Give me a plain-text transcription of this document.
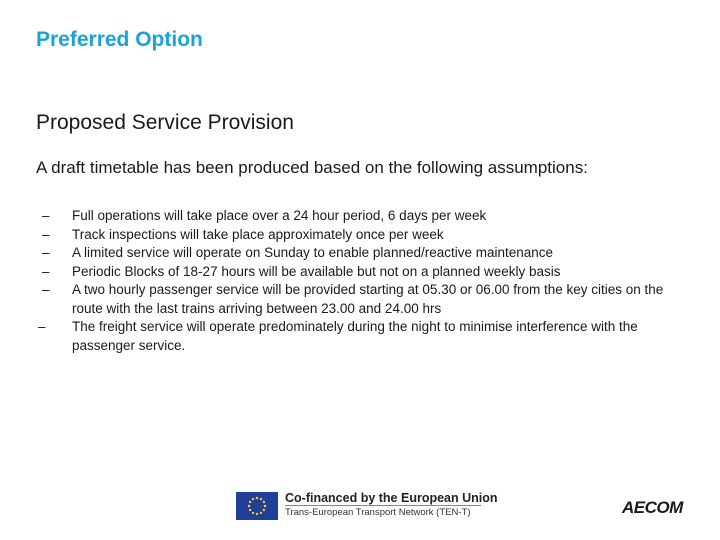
Preferred Option
Proposed Service Provision
A draft timetable has been produced based on the following assumptions:
–	Full operations will take place over a 24 hour period, 6 days per week
–	Track inspections will take place approximately once per week
–	A limited service will operate on Sunday to enable planned/reactive maintenance
–	Periodic Blocks of 18-27 hours will be available but not on a planned weekly basis
–	A two hourly passenger service will be provided starting at 05.30 or 06.00 from the key cities on the route with the last trains arriving between 23.00 and 24.00 hrs
–	The freight service will operate predominately during the night to minimise interference with the passenger service.
Co-financed by the European Union
Trans-European Transport Network (TEN-T)	AECOM
